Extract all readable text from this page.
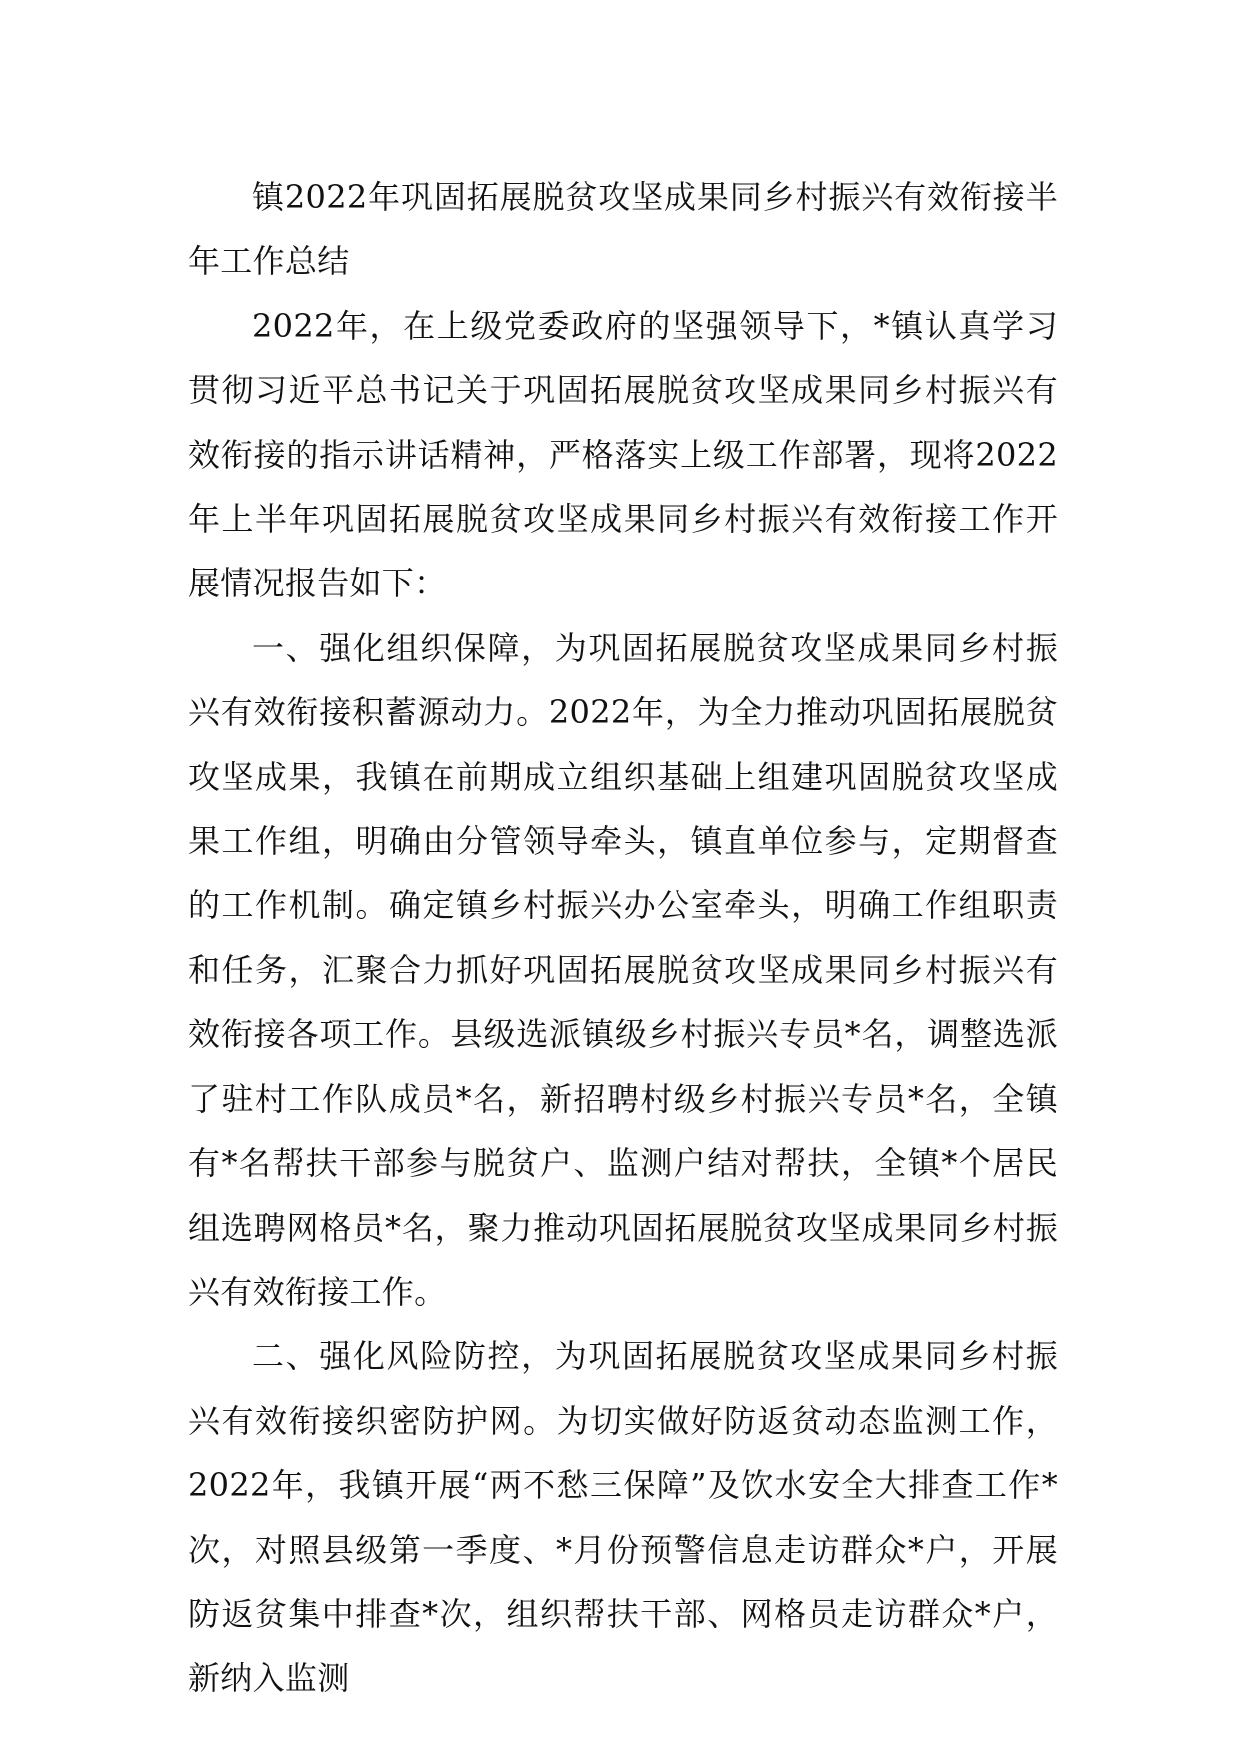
镇2022年巩固拓展脱贫攻坚成果同乡村振兴有效衔接半年工作总结

2022年，在上级党委政府的坚强领导下，*镇认真学习贯彻习近平总书记关于巩固拓展脱贫攻坚成果同乡村振兴有效衔接的指示讲话精神，严格落实上级工作部署，现将2022年上半年巩固拓展脱贫攻坚成果同乡村振兴有效衔接工作开展情况报告如下：

一、强化组织保障，为巩固拓展脱贫攻坚成果同乡村振兴有效衔接积蓄源动力。2022年，为全力推动巩固拓展脱贫攻坚成果，我镇在前期成立组织基础上组建巩固脱贫攻坚成果工作组，明确由分管领导牵头，镇直单位参与，定期督查的工作机制。确定镇乡村振兴办公室牵头，明确工作组职责和任务，汇聚合力抓好巩固拓展脱贫攻坚成果同乡村振兴有效衔接各项工作。县级选派镇级乡村振兴专员*名，调整选派了驻村工作队成员*名，新招聘村级乡村振兴专员*名，全镇有*名帮扶干部参与脱贫户、监测户结对帮扶，全镇*个居民组选聘网格员*名，聚力推动巩固拓展脱贫攻坚成果同乡村振兴有效衔接工作。

二、强化风险防控，为巩固拓展脱贫攻坚成果同乡村振兴有效衔接织密防护网。为切实做好防返贫动态监测工作，2022年，我镇开展“两不愁三保障”及饮水安全大排查工作*次，对照县级第一季度、*月份预警信息走访群众*户，开展防返贫集中排查*次，组织帮扶干部、网格员走访群众*户，新纳入监测
